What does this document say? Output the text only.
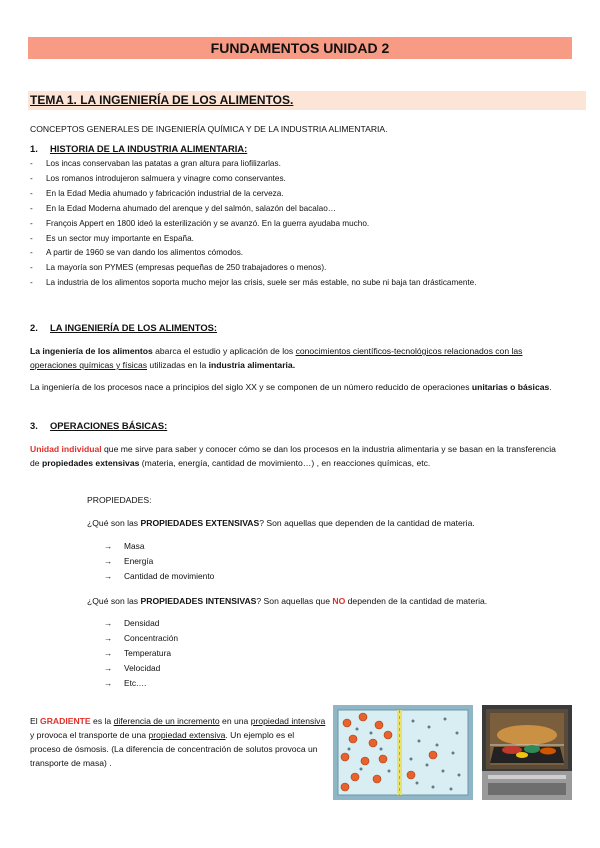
FUNDAMENTOS UNIDAD 2
TEMA 1. LA INGENIERÍA DE LOS ALIMENTOS.
CONCEPTOS GENERALES DE INGENIERÍA QUÍMICA Y DE LA INDUSTRIA ALIMENTARIA.
1. HISTORIA DE LA INDUSTRIA ALIMENTARIA:
- Los incas conservaban las patatas a gran altura para liofilizarlas.
- Los romanos introdujeron salmuera y vinagre como conservantes.
- En la Edad Media ahumado y fabricación industrial de la cerveza.
- En la Edad Moderna ahumado del arenque y del salmón, salazón del bacalao…
- François Appert en 1800 ideó la esterilización y se avanzó. En la guerra ayudaba mucho.
- Es un sector muy importante en España.
- A partir de 1960 se van dando los alimentos cómodos.
- La mayoría son PYMES (empresas pequeñas de 250 trabajadores o menos).
- La industria de los alimentos soporta mucho mejor las crisis, suele ser más estable, no sube ni baja tan drásticamente.
2. LA INGENIERÍA DE LOS ALIMENTOS:
La ingeniería de los alimentos abarca el estudio y aplicación de los conocimientos científicos-tecnológicos relacionados con las operaciones químicas y físicas utilizadas en la industria alimentaria.
La ingeniería de los procesos nace a principios del siglo XX y se componen de un número reducido de operaciones unitarias o básicas.
3. OPERACIONES BÁSICAS:
Unidad individual que me sirve para saber y conocer cómo se dan los procesos en la industria alimentaria y se basan en la transferencia de propiedades extensivas (materia, energía, cantidad de movimiento…) , en reacciones químicas, etc.
PROPIEDADES:
¿Qué son las PROPIEDADES EXTENSIVAS? Son aquellas que dependen de la cantidad de materia.
→ Masa
→ Energía
→ Cantidad de movimiento
¿Qué son las PROPIEDADES INTENSIVAS? Son aquellas que NO dependen de la cantidad de materia.
→ Densidad
→ Concentración
→ Temperatura
→ Velocidad
→ Etc.…
El GRADIENTE es la diferencia de un incremento en una propiedad intensiva y provoca el transporte de una propiedad extensiva. Un ejemplo es el proceso de ósmosis. (La diferencia de concentración de solutos provoca un transporte de masa) .
